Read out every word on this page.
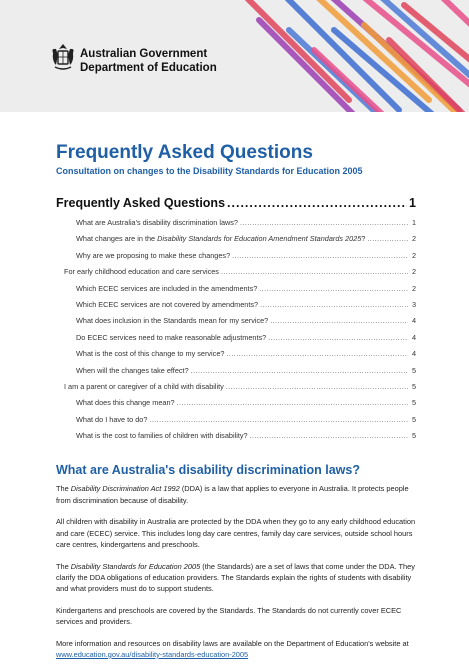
Australian Government
Department of Education
Frequently Asked Questions

Consultation on changes to the Disability Standards for Education 2005

Frequently Asked Questions .....	1
What are Australia's disability discrimination laws? .....	1
What changes are in the Disability Standards for Education Amendment Standards 2025? .....	2
Why are we proposing to make these changes? .....	2
For early childhood education and care services .....	2
Which ECEC services are included in the amendments? .....	2
Which ECEC services are not covered by amendments? .....	3
What does inclusion in the Standards mean for my service? .....	4
Do ECEC services need to make reasonable adjustments? .....	4
What is the cost of this change to my service? .....	4
When will the changes take effect? .....	5
I am a parent or caregiver of a child with disability .....	5
What does this change mean? .....	5
What do I have to do? .....	5
What is the cost to families of children with disability? .....	5
What are Australia's disability discrimination laws?

The Disability Discrimination Act 1992 (DDA) is a law that applies to everyone in Australia. It protects people from discrimination because of disability.

All children with disability in Australia are protected by the DDA when they go to any early childhood education and care (ECEC) service. This includes long day care centres, family day care services, outside school hours care centres, kindergartens and preschools.

The Disability Standards for Education 2005 (the Standards) are a set of laws that come under the DDA. They clarify the DDA obligations of education providers. The Standards explain the rights of students with disability and what providers must do to support students.

Kindergartens and preschools are covered by the Standards. The Standards do not currently cover ECEC services and providers.

More information and resources on disability laws are available on the Department of Education's website at www.education.gov.au/disability-standards-education-2005
